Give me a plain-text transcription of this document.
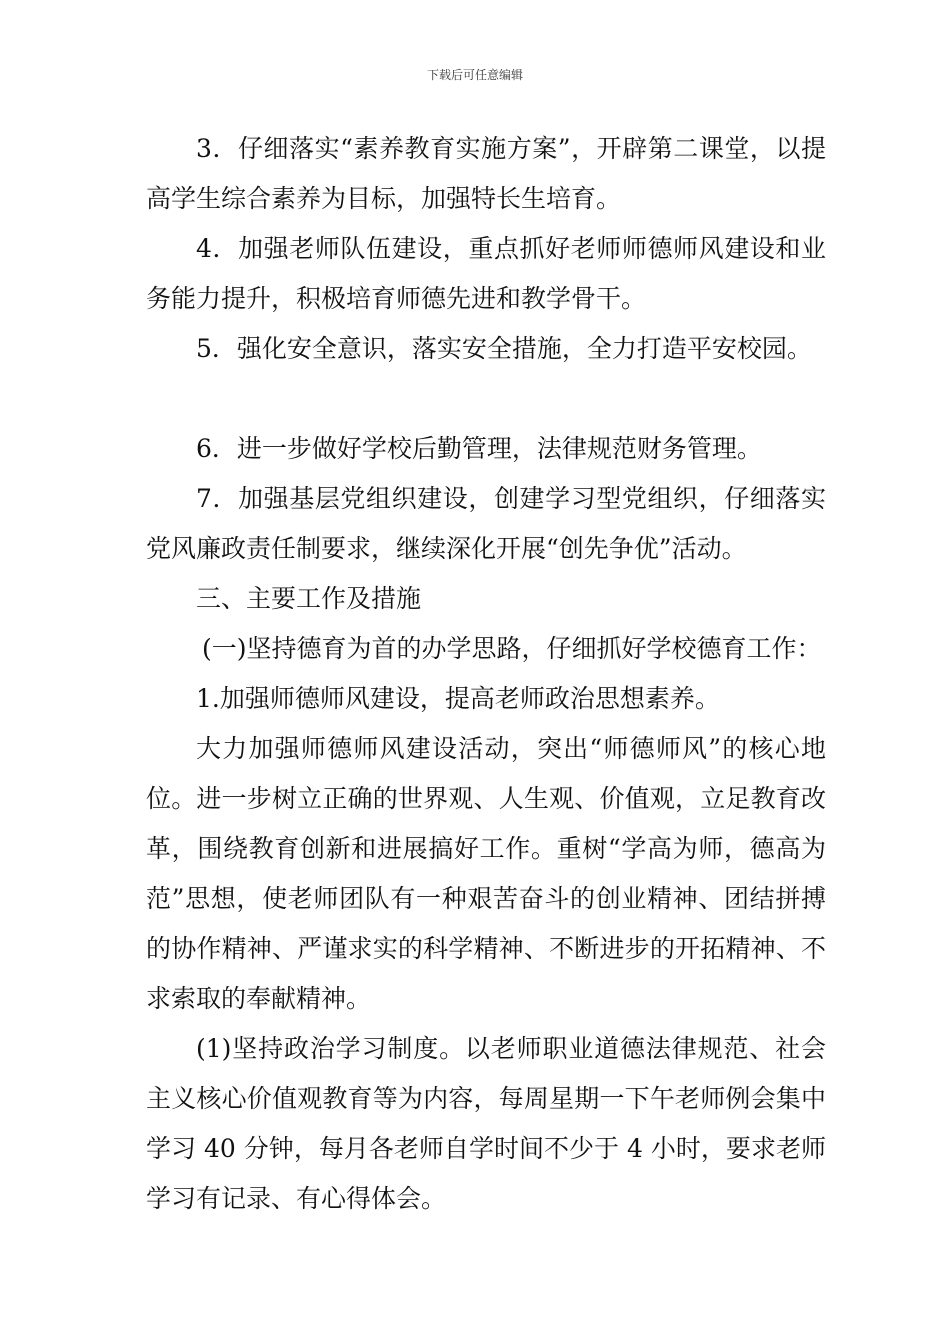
下载后可任意编辑

3．仔细落实“素养教育实施方案”，开辟第二课堂，以提高学生综合素养为目标，加强特长生培育。

4．加强老师队伍建设，重点抓好老师师德师风建设和业务能力提升，积极培育师德先进和教学骨干。

5．强化安全意识，落实安全措施，全力打造平安校园。

6．进一步做好学校后勤管理，法律规范财务管理。

7．加强基层党组织建设，创建学习型党组织，仔细落实党风廉政责任制要求，继续深化开展“创先争优”活动。

三、主要工作及措施

(一)坚持德育为首的办学思路，仔细抓好学校德育工作：

1.加强师德师风建设，提高老师政治思想素养。

大力加强师德师风建设活动，突出“师德师风”的核心地位。进一步树立正确的世界观、人生观、价值观，立足教育改革，围绕教育创新和进展搞好工作。重树“学高为师，德高为范”思想，使老师团队有一种艰苦奋斗的创业精神、团结拼搏的协作精神、严谨求实的科学精神、不断进步的开拓精神、不求索取的奉献精神。

(1)坚持政治学习制度。以老师职业道德法律规范、社会主义核心价值观教育等为内容，每周星期一下午老师例会集中学习 40 分钟，每月各老师自学时间不少于 4 小时，要求老师学习有记录、有心得体会。
